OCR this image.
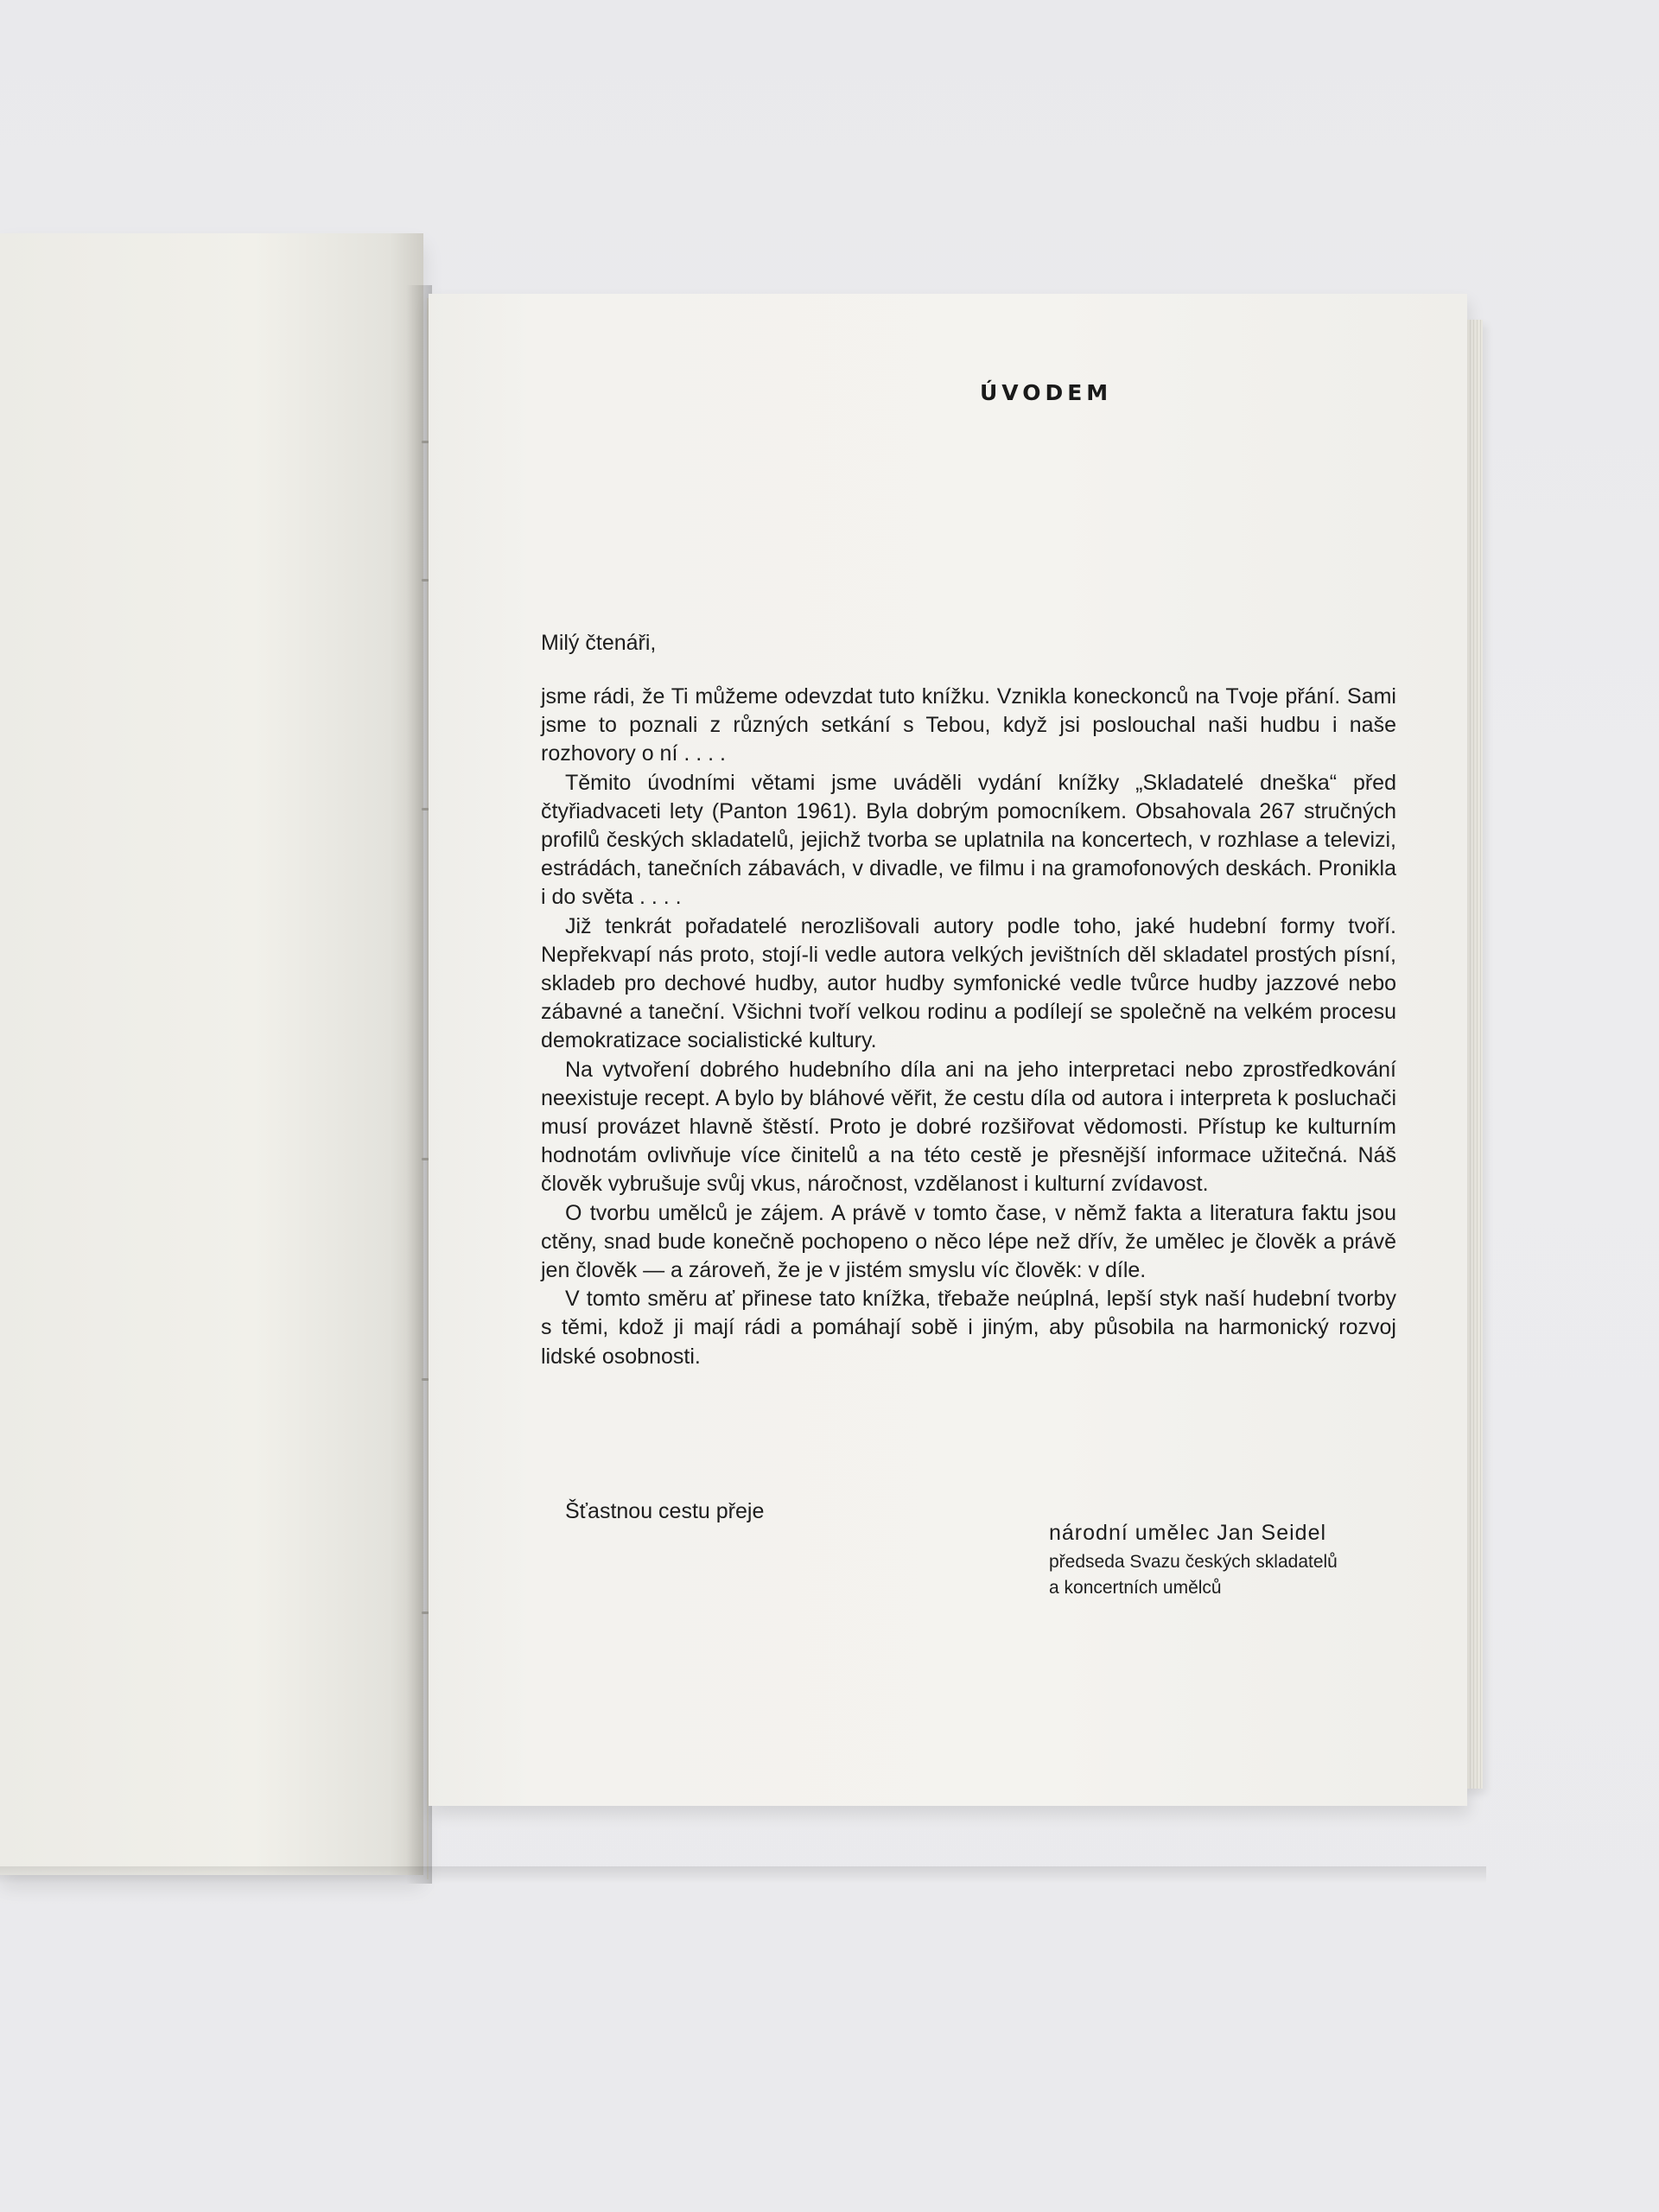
ÚVODEM
Milý čtenáři,

jsme rádi, že Ti můžeme odevzdat tuto knížku. Vznikla koneckonců na Tvoje přání. Sami jsme to poznali z různých setkání s Tebou, když jsi poslouchal naši hudbu i naše rozhovory o ní . . . .

Těmito úvodními větami jsme uváděli vydání knížky „Skladatelé dneška“ před čtyřiadvaceti lety (Panton 1961). Byla dobrým pomocníkem. Obsahovala 267 stručných profilů českých skladatelů, jejichž tvorba se uplatnila na koncertech, v rozhlase a televizi, estrádách, tanečních zábavách, v divadle, ve filmu i na gramofonových deskách. Pronikla i do světa . . . .

Již tenkrát pořadatelé nerozlišovali autory podle toho, jaké hudební formy tvoří. Nepřekvapí nás proto, stojí-li vedle autora velkých jevištních děl skladatel prostých písní, skladeb pro dechové hudby, autor hudby symfonické vedle tvůrce hudby jazzové nebo zábavné a taneční. Všichni tvoří velkou rodinu a podílejí se společně na velkém procesu demokratizace socialistické kultury.

Na vytvoření dobrého hudebního díla ani na jeho interpretaci nebo zprostředkování neexistuje recept. A bylo by bláhové věřit, že cestu díla od autora i interpreta k posluchači musí provázet hlavně štěstí. Proto je dobré rozšiřovat vědomosti. Přístup ke kulturním hodnotám ovlivňuje více činitelů a na této cestě je přesnější informace užitečná. Náš člověk vybrušuje svůj vkus, náročnost, vzdělanost i kulturní zvídavost.

O tvorbu umělců je zájem. A právě v tomto čase, v němž fakta a literatura faktu jsou ctěny, snad bude konečně pochopeno o něco lépe než dřív, že umělec je člověk a právě jen člověk — a zároveň, že je v jistém smyslu víc člověk: v díle.

V tomto směru ať přinese tato knížka, třebaže neúplná, lepší styk naší hudební tvorby s těmi, kdož ji mají rádi a pomáhají sobě i jiným, aby působila na harmonický rozvoj lidské osobnosti.

Šťastnou cestu přeje
národní umělec Jan Seidel
předseda Svazu českých skladatelů
a koncertních umělců
